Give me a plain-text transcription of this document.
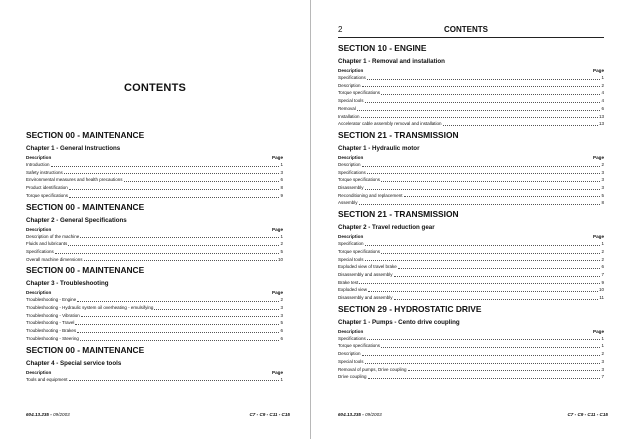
CONTENTS
SECTION 00 - MAINTENANCE
Chapter 1 - General Instructions
Description	Page
Introduction	1
Safety instructions	3
Environmental measures and health precautions	6
Product identification	8
Torque specifications	9
SECTION 00 - MAINTENANCE
Chapter 2 - General Specifications
Description	Page
Description of the machine	1
Fluids and lubricants	2
Specifications	5
Overall machine dimensions	10
SECTION 00 - MAINTENANCE
Chapter 3 - Troubleshooting
Description	Page
Troubleshooting - Engine	2
Troubleshooting - Hydraulic system oil overheating - emulsifying	3
Troubleshooting - Vibration	3
Troubleshooting - Travel	5
Troubleshooting - Brakes	6
Troubleshooting - Steering	6
SECTION 00 - MAINTENANCE
Chapter 4 - Special service tools
Description	Page
Tools and equipment	1
604.13.235 - 09/2003	C7 - C9 - C11 - C15
2	CONTENTS
SECTION 10 - ENGINE
Chapter 1 - Removal and installation
Description	Page
Specifications	1
Description	2
Torque specifications	4
Special tools	4
Removal	6
Installation	13
Accelerator cable assembly removal and installation	13
SECTION 21 - TRANSMISSION
Chapter 1 - Hydraulic motor
Description	Page
Description	2
Specifications	3
Torque specifications	3
Disassembly	3
Reconditioning and replacement	5
Assembly	8
SECTION 21 - TRANSMISSION
Chapter 2 - Travel reduction gear
Description	Page
Specification	1
Torque specifications	2
Special tools	2
Exploded view of travel brake	6
Disassembly and assembly	7
Brake test	9
Exploded view	10
Disassembly and assembly	11
SECTION 29 - HYDROSTATIC DRIVE
Chapter 1 - Pumps - Cento drive coupling
Description	Page
Specifications	1
Torque specifications	1
Description	2
Special tools	3
Removal of pumps, Drive coupling	3
Drive coupling	7
604.13.235 - 09/2003	C7 - C9 - C11 - C15
